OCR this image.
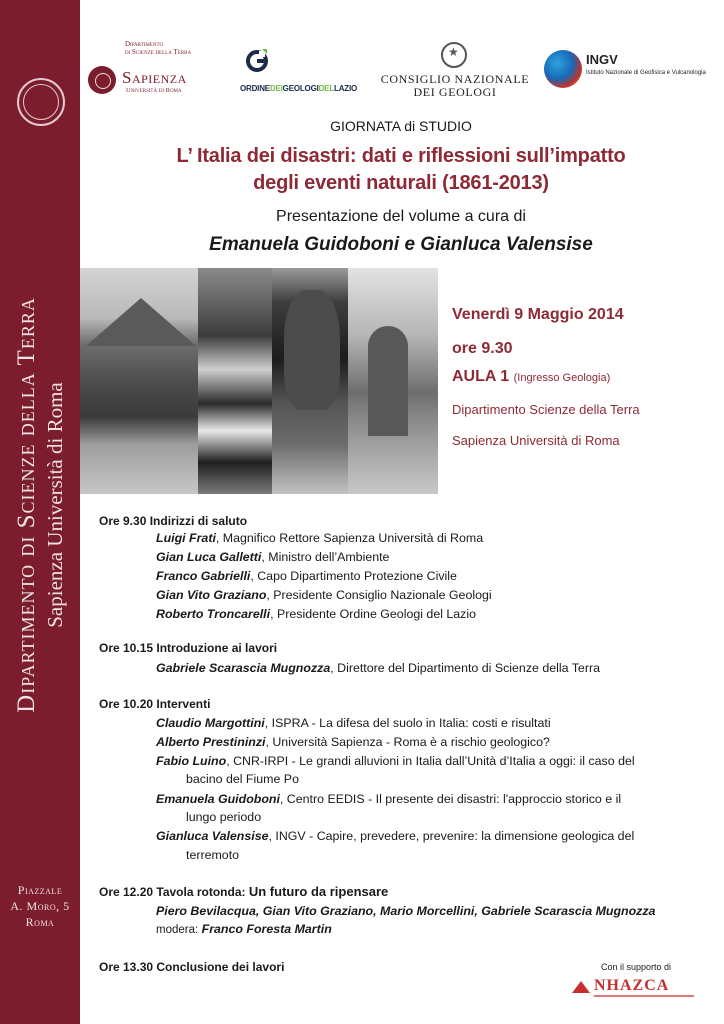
Dipartimento di Scienze della Terra Sapienza Università di Roma
Piazzale
A. Moro, 5
Roma
Dipartimento
di Scienze della Terra
Sapienza
Università di Roma	ORDINEDEIGEOLOGIDELLAZIO
★
CONSIGLIO NAZIONALE
DEI GEOLOGI
INGV
Istituto Nazionale di Geofisica e Vulcanologia
GIORNATA di STUDIO
L’ Italia dei disastri: dati e riflessioni sull’impatto
degli eventi naturali (1861-2013)
Presentazione del volume a cura di
Emanuela Guidoboni e Gianluca Valensise
Venerdì 9 Maggio 2014
ore 9.30
AULA 1 (Ingresso Geologia)
Dipartimento Scienze della Terra
Sapienza Università di Roma
Ore 9.30 Indirizzi di saluto
Luigi Frati, Magnifico Rettore Sapienza Università di Roma
Gian Luca Galletti, Ministro dell’Ambiente
Franco Gabrielli, Capo Dipartimento Protezione Civile
Gian Vito Graziano, Presidente Consiglio Nazionale Geologi
Roberto Troncarelli, Presidente Ordine Geologi del Lazio
Ore 10.15 Introduzione ai lavori
Gabriele Scarascia Mugnozza, Direttore del Dipartimento di Scienze della Terra
Ore 10.20 Interventi
Claudio Margottini, ISPRA - La difesa del suolo in Italia: costi e risultati
Alberto Prestininzi, Università Sapienza - Roma è a rischio geologico?
Fabio Luino, CNR-IRPI - Le grandi alluvioni in Italia dall’Unità d’Italia a oggi: il caso del
bacino del Fiume Po
Emanuela Guidoboni, Centro EEDIS - Il presente dei disastri: l'approccio storico e il
lungo periodo
Gianluca Valensise, INGV - Capire, prevedere, prevenire: la dimensione geologica del
terremoto
Ore 12.20 Tavola rotonda: Un futuro da ripensare
Piero Bevilacqua, Gian Vito Graziano, Mario Morcellini, Gabriele Scarascia Mugnozza
modera: Franco Foresta Martin
Ore 13.30 Conclusione dei lavori	Con il supporto di
NHAZCA
